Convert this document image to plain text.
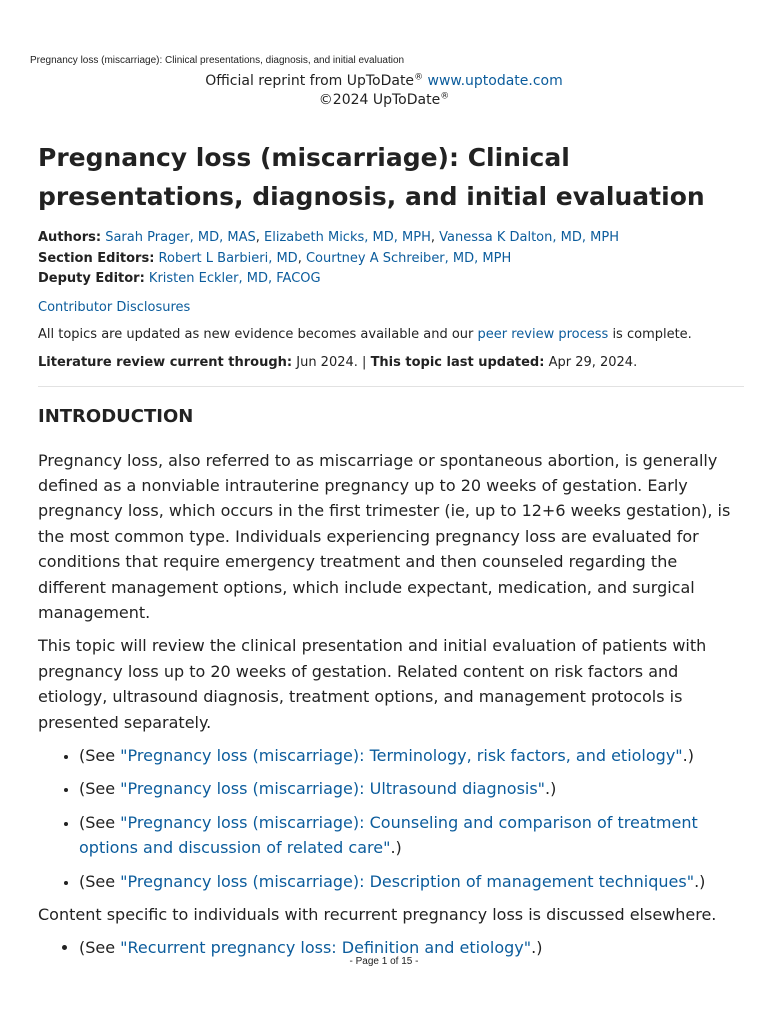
Pregnancy loss (miscarriage): Clinical presentations, diagnosis, and initial evaluation
Official reprint from UpToDate® www.uptodate.com
©2024 UpToDate®
Pregnancy loss (miscarriage): Clinical presentations, diagnosis, and initial evaluation
Authors: Sarah Prager, MD, MAS, Elizabeth Micks, MD, MPH, Vanessa K Dalton, MD, MPH
Section Editors: Robert L Barbieri, MD, Courtney A Schreiber, MD, MPH
Deputy Editor: Kristen Eckler, MD, FACOG
Contributor Disclosures
All topics are updated as new evidence becomes available and our peer review process is complete.
Literature review current through: Jun 2024. | This topic last updated: Apr 29, 2024.
INTRODUCTION

Pregnancy loss, also referred to as miscarriage or spontaneous abortion, is generally defined as a nonviable intrauterine pregnancy up to 20 weeks of gestation. Early pregnancy loss, which occurs in the first trimester (ie, up to 12+6 weeks gestation), is the most common type. Individuals experiencing pregnancy loss are evaluated for conditions that require emergency treatment and then counseled regarding the different management options, which include expectant, medication, and surgical management.

This topic will review the clinical presentation and initial evaluation of patients with pregnancy loss up to 20 weeks of gestation. Related content on risk factors and etiology, ultrasound diagnosis, treatment options, and management protocols is presented separately.

• (See "Pregnancy loss (miscarriage): Terminology, risk factors, and etiology".)
• (See "Pregnancy loss (miscarriage): Ultrasound diagnosis".)
• (See "Pregnancy loss (miscarriage): Counseling and comparison of treatment options and discussion of related care".)
• (See "Pregnancy loss (miscarriage): Description of management techniques".)

Content specific to individuals with recurrent pregnancy loss is discussed elsewhere.

• (See "Recurrent pregnancy loss: Definition and etiology".)
- Page 1 of 15 -
